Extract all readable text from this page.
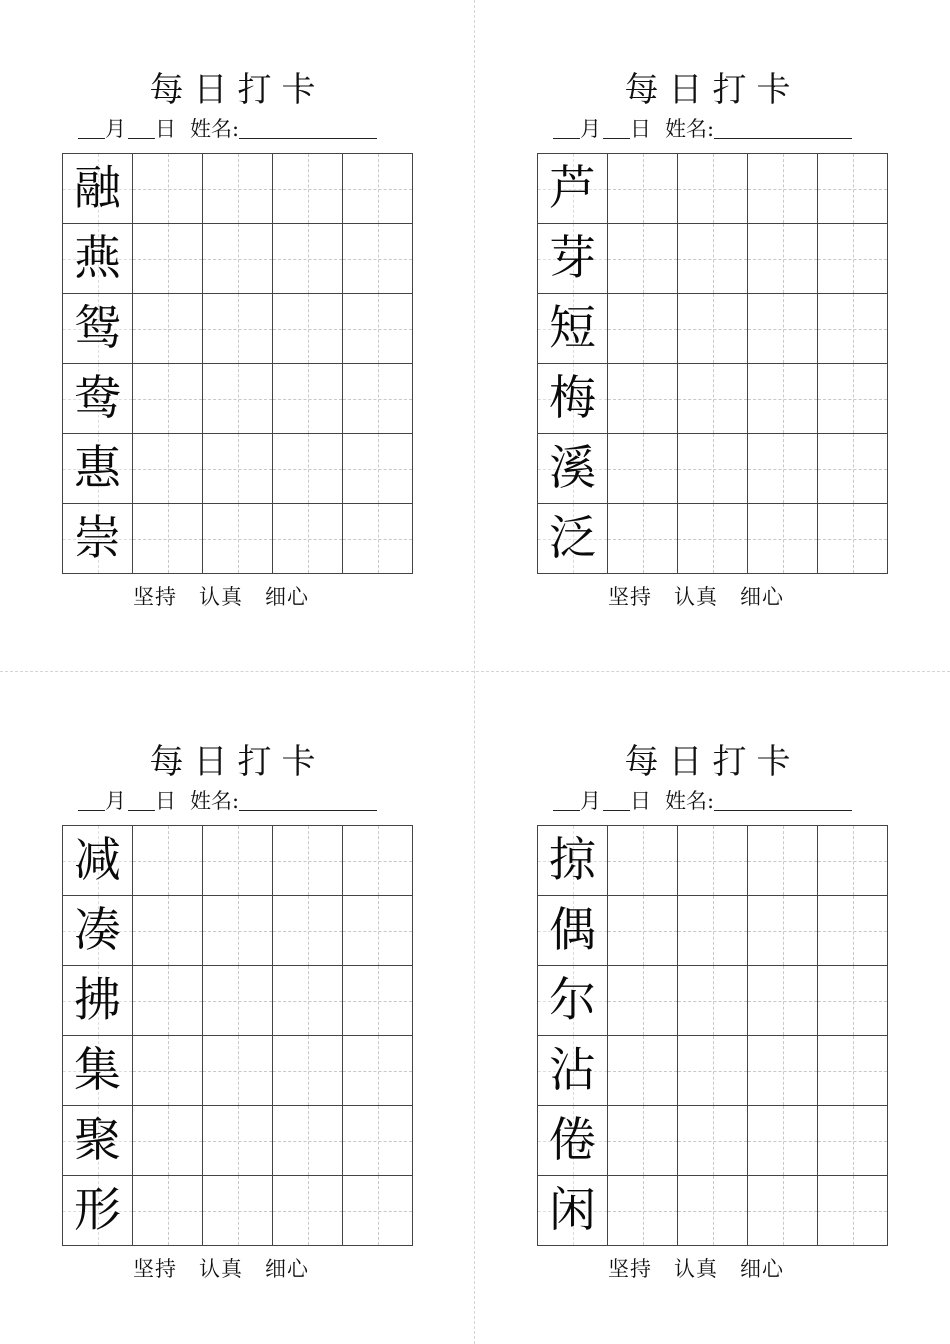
每日打卡
月 日 姓名:
融				

燕				

鸳				

鸯				

惠				

崇				

坚持 认真 细心
每日打卡
月 日 姓名:
芦				

芽				

短				

梅				

溪				

泛				

坚持 认真 细心
每日打卡
月 日 姓名:
减				

凑				

拂				

集				

聚				

形				

坚持 认真 细心
每日打卡
月 日 姓名:
掠				

偶				

尔				

沾				

倦				

闲				

坚持 认真 细心
